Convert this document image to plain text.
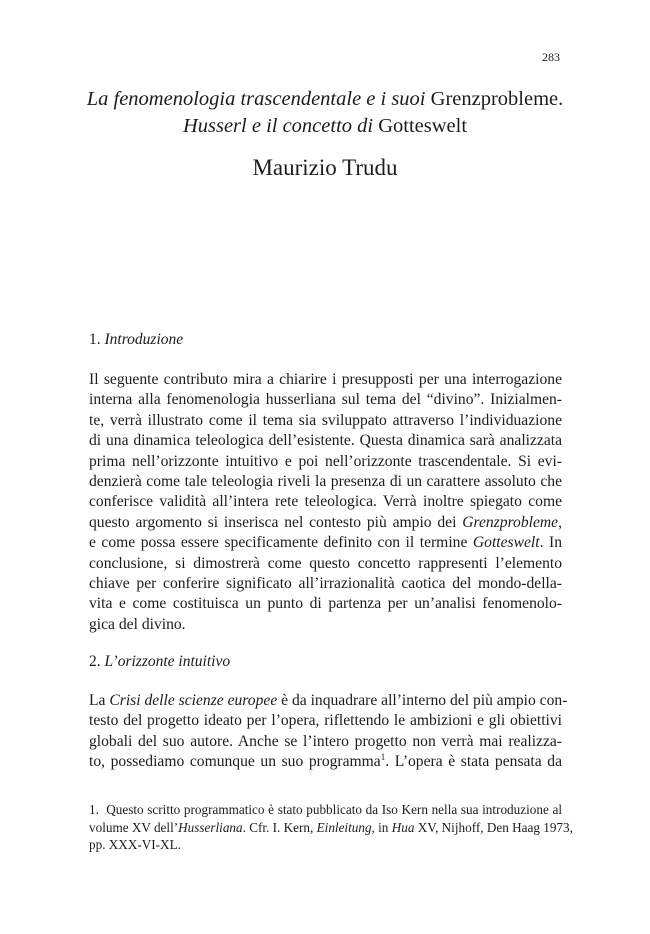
283
La fenomenologia trascendentale e i suoi Grenzprobleme.
Husserl e il concetto di Gotteswelt
Maurizio Trudu
1. Introduzione
Il seguente contributo mira a chiarire i presupposti per una interrogazione
interna alla fenomenologia husserliana sul tema del “divino”. Inizialmen-
te, verrà illustrato come il tema sia sviluppato attraverso l’individuazione
di una dinamica teleologica dell’esistente. Questa dinamica sarà analizzata
prima nell’orizzonte intuitivo e poi nell’orizzonte trascendentale. Si evi-
denzierà come tale teleologia riveli la presenza di un carattere assoluto che
conferisce validità all’intera rete teleologica. Verrà inoltre spiegato come
questo argomento si inserisca nel contesto più ampio dei Grenzprobleme,
e come possa essere specificamente definito con il termine Gotteswelt. In
conclusione, si dimostrerà come questo concetto rappresenti l’elemento
chiave per conferire significato all’irrazionalità caotica del mondo-della-
vita e come costituisca un punto di partenza per un’analisi fenomenolo-
gica del divino.
2. L’orizzonte intuitivo
La Crisi delle scienze europee è da inquadrare all’interno del più ampio con-
testo del progetto ideato per l’opera, riflettendo le ambizioni e gli obiettivi
globali del suo autore. Anche se l’intero progetto non verrà mai realizza-
to, possediamo comunque un suo programma$^1$. L’opera è stata pensata da
1. Questo scritto programmatico è stato pubblicato da Iso Kern nella sua introduzione al
volume XV dell’Husserliana. Cfr. I. Kern, Einleitung, in Hua XV, Nijhoff, Den Haag 1973,
pp. XXX-VI-XL.
